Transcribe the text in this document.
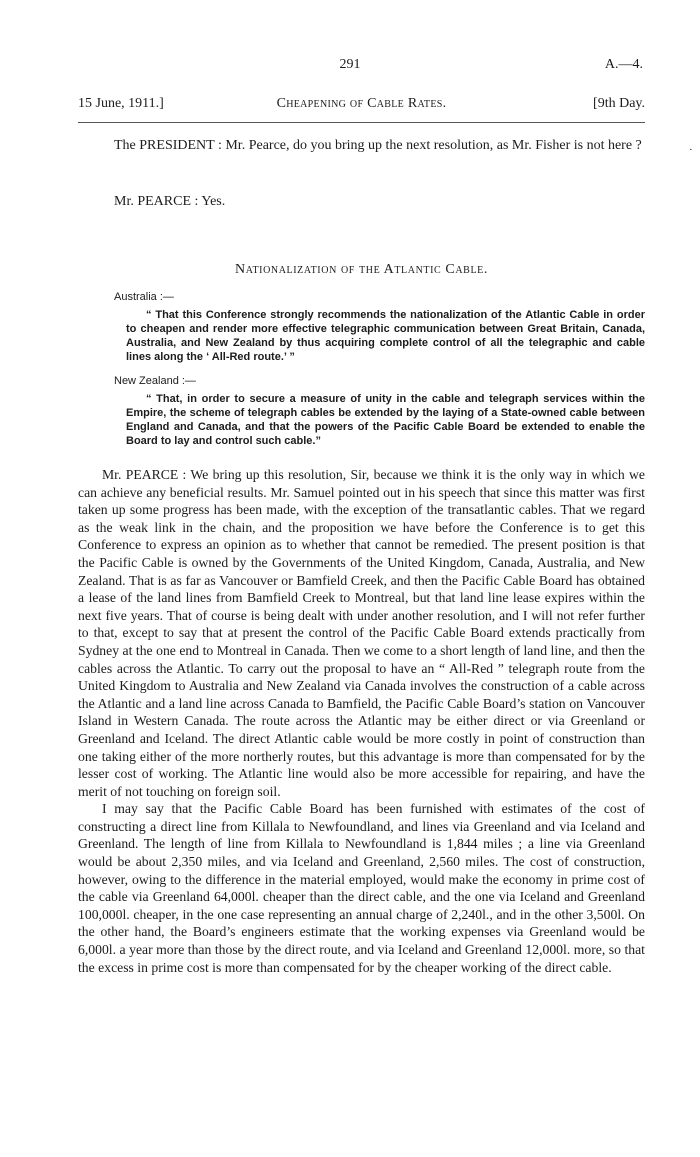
291	A.—4.
15 June, 1911.]	Cheapening of Cable Rates.	[9th Day.

The PRESIDENT : Mr. Pearce, do you bring up the next resolution, as Mr. Fisher is not here ?

Mr. PEARCE : Yes.

Nationalization of the Atlantic Cable.
Australia :—

“ That this Conference strongly recommends the nationalization of the Atlantic Cable in order to cheapen and render more effective telegraphic communication between Great Britain, Canada, Australia, and New Zealand by thus acquiring complete control of all the telegraphic and cable lines along the ‘ All-Red route.’ ”

New Zealand :—

“ That, in order to secure a measure of unity in the cable and telegraph services within the Empire, the scheme of telegraph cables be extended by the laying of a State-owned cable between England and Canada, and that the powers of the Pacific Cable Board be extended to enable the Board to lay and control such cable.”

Mr. PEARCE : We bring up this resolution, Sir, because we think it is the only way in which we can achieve any beneficial results. Mr. Samuel pointed out in his speech that since this matter was first taken up some progress has been made, with the exception of the transatlantic cables. That we regard as the weak link in the chain, and the proposition we have before the Conference is to get this Conference to express an opinion as to whether that cannot be remedied. The present position is that the Pacific Cable is owned by the Governments of the United Kingdom, Canada, Australia, and New Zealand. That is as far as Vancouver or Bamfield Creek, and then the Pacific Cable Board has obtained a lease of the land lines from Bamfield Creek to Montreal, but that land line lease expires within the next five years. That of course is being dealt with under another resolution, and I will not refer further to that, except to say that at present the control of the Pacific Cable Board extends practically from Sydney at the one end to Montreal in Canada. Then we come to a short length of land line, and then the cables across the Atlantic. To carry out the proposal to have an “ All-Red ” telegraph route from the United Kingdom to Australia and New Zealand via Canada involves the construction of a cable across the Atlantic and a land line across Canada to Bamfield, the Pacific Cable Board’s station on Vancouver Island in Western Canada. The route across the Atlantic may be either direct or via Greenland or Greenland and Iceland. The direct Atlantic cable would be more costly in point of construction than one taking either of the more northerly routes, but this advantage is more than compensated for by the lesser cost of working. The Atlantic line would also be more accessible for repairing, and have the merit of not touching on foreign soil.

I may say that the Pacific Cable Board has been furnished with estimates of the cost of constructing a direct line from Killala to Newfoundland, and lines via Greenland and via Iceland and Greenland. The length of line from Killala to Newfoundland is 1,844 miles ; a line via Greenland would be about 2,350 miles, and via Iceland and Greenland, 2,560 miles. The cost of construction, however, owing to the difference in the material employed, would make the economy in prime cost of the cable via Greenland 64,000l. cheaper than the direct cable, and the one via Iceland and Greenland 100,000l. cheaper, in the one case representing an annual charge of 2,240l., and in the other 3,500l. On the other hand, the Board’s engineers estimate that the working expenses via Greenland would be 6,000l. a year more than those by the direct route, and via Iceland and Greenland 12,000l. more, so that the excess in prime cost is more than compensated for by the cheaper working of the direct cable.

·
